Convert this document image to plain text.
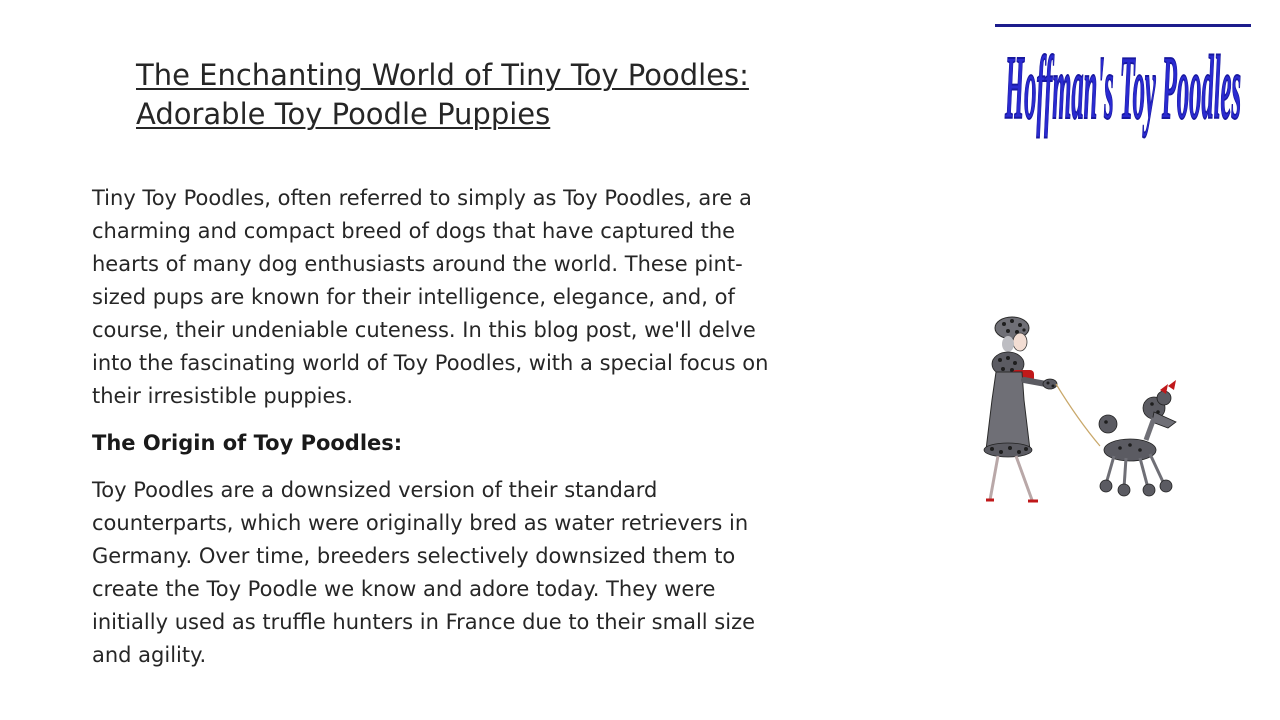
The Enchanting World of Tiny Toy Poodles:
Adorable Toy Poodle Puppies

Tiny Toy Poodles, often referred to simply as Toy Poodles, are a
charming and compact breed of dogs that have captured the
hearts of many dog enthusiasts around the world. These pint-
sized pups are known for their intelligence, elegance, and, of
course, their undeniable cuteness. In this blog post, we'll delve
into the fascinating world of Toy Poodles, with a special focus on
their irresistible puppies.

The Origin of Toy Poodles:

Toy Poodles are a downsized version of their standard
counterparts, which were originally bred as water retrievers in
Germany. Over time, breeders selectively downsized them to
create the Toy Poodle we know and adore today. They were
initially used as truffle hunters in France due to their small size
and agility.

Hoffman's Toy Poodles
